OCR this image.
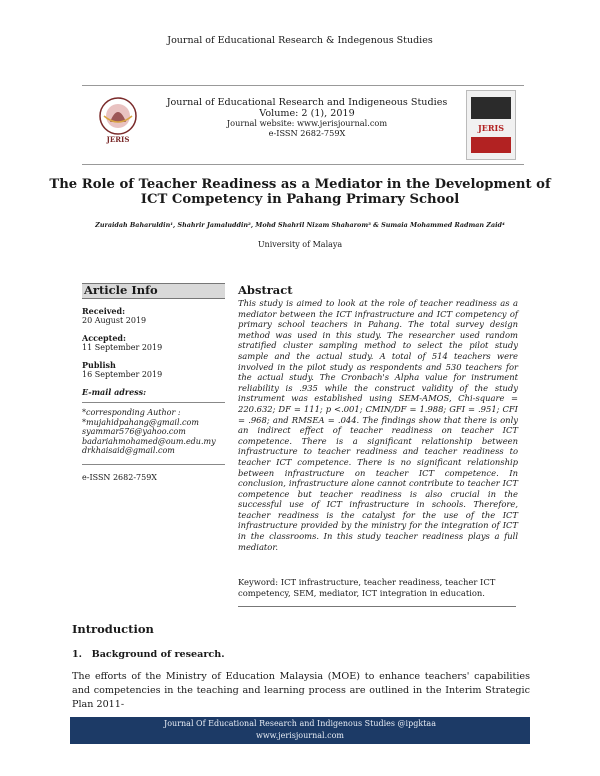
Journal of Educational Research & Indegenous Studies
JERIS
Journal of Educational Research and Indigeneous Studies
Volume: 2 (1), 2019
Journal website: www.jerisjournal.com
e-ISSN 2682-759X	JERIS
The Role of Teacher Readiness as a Mediator in the Development of ICT Competency in Pahang Primary School
Zuraidah Baharuldin¹, Shahrir Jamaluddin², Mohd Shahril Nizam Shaharom³ & Sumaia Mohammed Radman Zaid⁴
University of Malaya
Article Info
Received:
20 August 2019
Accepted:
11 September 2019
Publish
16 September 2019
E-mail adress:
*corresponding Author :
*mujahidpahang@gmail.com
syammar576@yahoo.com
badariahmohamed@oum.edu.my
drkhaisaid@gmail.com
e-ISSN 2682-759X
Abstract
This study is aimed to look at the role of teacher readiness as a mediator between the ICT infrastructure and ICT competency of primary school teachers in Pahang. The total survey design method was used in this study. The researcher used random stratified cluster sampling method to select the pilot study sample and the actual study. A total of 514 teachers were involved in the pilot study as respondents and 530 teachers for the actual study. The Cronbach's Alpha value for instrument reliability is .935 while the construct validity of the study instrument was established using SEM-AMOS, Chi-square = 220.632; DF = 111; p <.001; CMIN/DF = 1.988; GFI = .951; CFI = .968; and RMSEA = .044. The findings show that there is only an indirect effect of teacher readiness on teacher ICT competence. There is a significant relationship between infrastructure to teacher readiness and teacher readiness to teacher ICT competence. There is no significant relationship between infrastructure on teacher ICT competence. In conclusion, infrastructure alone cannot contribute to teacher ICT competence but teacher readiness is also crucial in the successful use of ICT infrastructure in schools. Therefore, teacher readiness is the catalyst for the use of the ICT infrastructure provided by the ministry for the integration of ICT in the classrooms. In this study teacher readiness plays a full mediator.
Keyword: ICT infrastructure, teacher readiness, teacher ICT competency, SEM, mediator, ICT integration in education.
Introduction
1. Background of research.
The efforts of the Ministry of Education Malaysia (MOE) to enhance teachers' capabilities and competencies in the teaching and learning process are outlined in the Interim Strategic Plan 2011-
Journal Of Educational Research and Indigenous Studies @ipgktaa
www.jerisjournal.com
